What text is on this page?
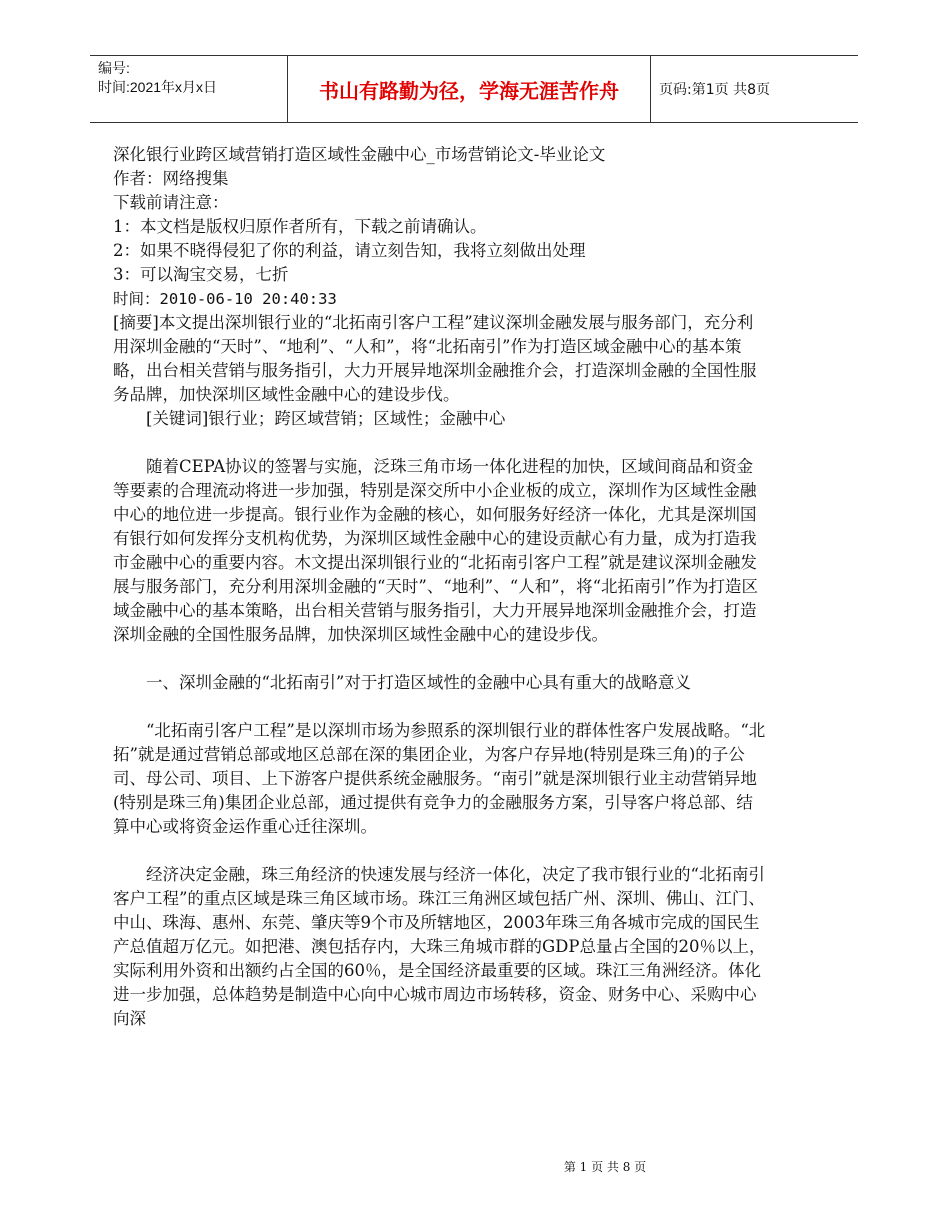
编号:
时间:2021年x月x日	书山有路勤为径，学海无涯苦作舟	页码:第1页 共8页

深化银行业跨区域营销打造区域性金融中心_市场营销论文-毕业论文

作者：网络搜集

下载前请注意：

1：本文档是版权归原作者所有，下载之前请确认。

2：如果不晓得侵犯了你的利益，请立刻告知，我将立刻做出处理

3：可以淘宝交易，七折

时间：2010-06-10 20:40:33

[摘要]本文提出深圳银行业的“北拓南引客户工程”建议深圳金融发展与服务部门，充分利用深圳金融的“天时”、“地利”、“人和”，将“北拓南引”作为打造区域金融中心的基本策略，出台相关营销与服务指引，大力开展异地深圳金融推介会，打造深圳金融的全国性服务品牌，加快深圳区域性金融中心的建设步伐。

[关键词]银行业；跨区域营销；区域性；金融中心

随着CEPA协议的签署与实施，泛珠三角市场一体化进程的加快，区域间商品和资金等要素的合理流动将进一步加强，特别是深交所中小企业板的成立，深圳作为区域性金融中心的地位进一步提高。银行业作为金融的核心，如何服务好经济一体化，尤其是深圳国有银行如何发挥分支机构优势，为深圳区域性金融中心的建设贡献心有力量，成为打造我市金融中心的重要内容。木文提出深圳银行业的“北拓南引客户工程”就是建议深圳金融发展与服务部门，充分利用深圳金融的“天时”、“地利”、“人和”，将“北拓南引”作为打造区域金融中心的基本策略，出台相关营销与服务指引，大力开展异地深圳金融推介会，打造深圳金融的全国性服务品牌，加快深圳区域性金融中心的建设步伐。

一、深圳金融的“北拓南引”对于打造区域性的金融中心具有重大的战略意义

“北拓南引客户工程”是以深圳市场为参照系的深圳银行业的群体性客户发展战略。“北拓”就是通过营销总部或地区总部在深的集团企业，为客户存异地(特别是珠三角)的子公司、母公司、项目、上下游客户提供系统金融服务。“南引”就是深圳银行业主动营销异地(特别是珠三角)集团企业总部，通过提供有竞争力的金融服务方案，引导客户将总部、结算中心或将资金运作重心迁往深圳。

经济决定金融，珠三角经济的快速发展与经济一体化，决定了我市银行业的“北拓南引客户工程”的重点区域是珠三角区域市场。珠江三角洲区域包括广州、深圳、佛山、江门、中山、珠海、惠州、东莞、肇庆等9个市及所辖地区，2003年珠三角各城市完成的国民生产总值超万亿元。如把港、澳包括存内，大珠三角城市群的GDP总量占全国的20％以上，实际利用外资和出额约占全国的60％，是全国经济最重要的区域。珠江三角洲经济。体化进一步加强，总体趋势是制造中心向中心城市周边市场转移，资金、财务中心、采购中心向深

第 1 页 共 8 页
